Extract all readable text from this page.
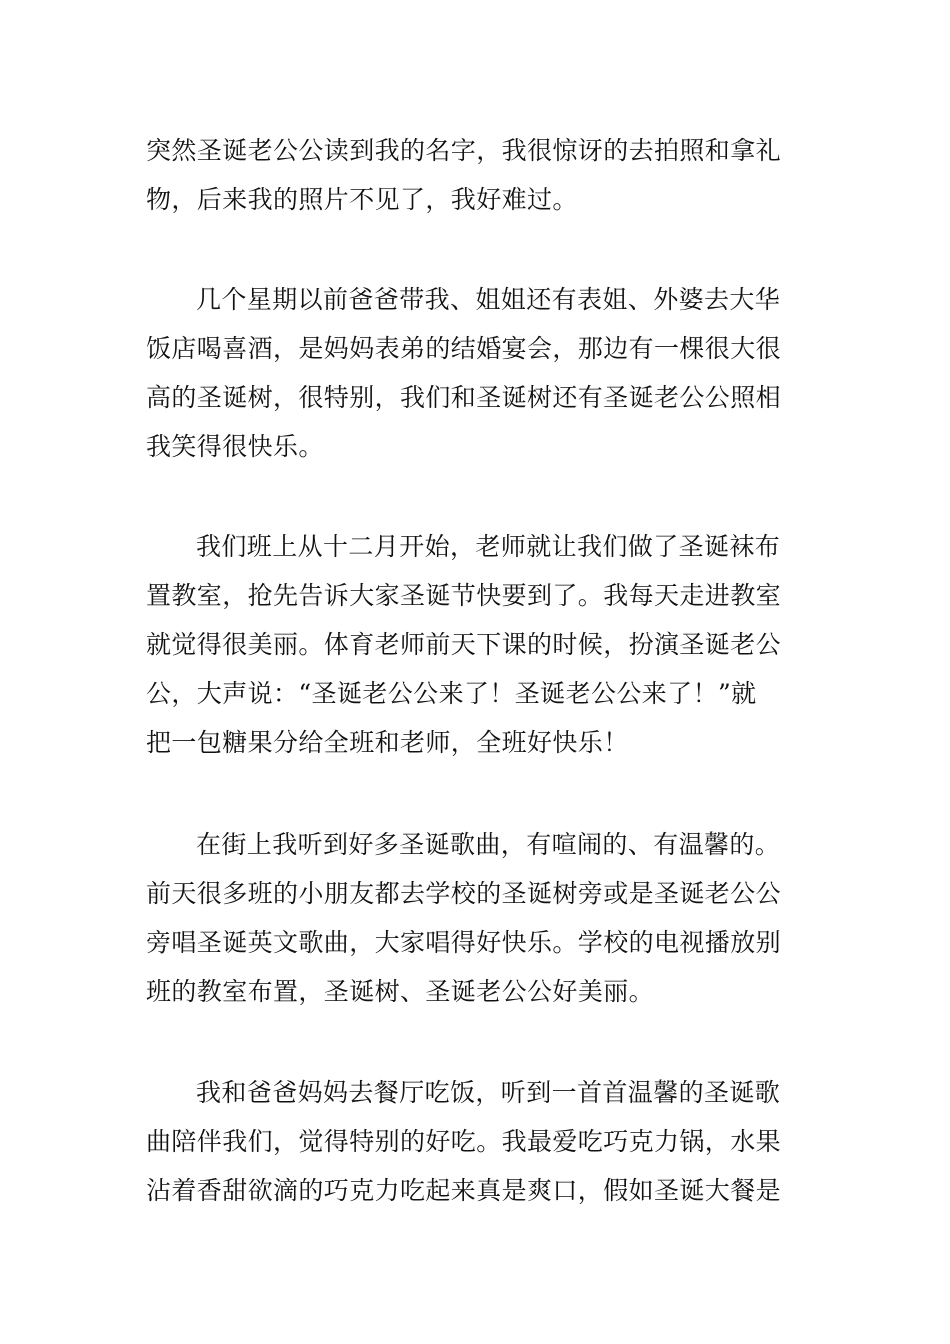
突然圣诞老公公读到我的名字，我很惊讶的去拍照和拿礼
物，后来我的照片不见了，我好难过。
几个星期以前爸爸带我、姐姐还有表姐、外婆去大华
饭店喝喜酒，是妈妈表弟的结婚宴会，那边有一棵很大很
高的圣诞树，很特别，我们和圣诞树还有圣诞老公公照相
我笑得很快乐。
我们班上从十二月开始，老师就让我们做了圣诞袜布
置教室，抢先告诉大家圣诞节快要到了。我每天走进教室
就觉得很美丽。体育老师前天下课的时候，扮演圣诞老公
公，大声说：“圣诞老公公来了！圣诞老公公来了！”就
把一包糖果分给全班和老师，全班好快乐！
在街上我听到好多圣诞歌曲，有喧闹的、有温馨的。
前天很多班的小朋友都去学校的圣诞树旁或是圣诞老公公
旁唱圣诞英文歌曲，大家唱得好快乐。学校的电视播放别
班的教室布置，圣诞树、圣诞老公公好美丽。
我和爸爸妈妈去餐厅吃饭，听到一首首温馨的圣诞歌
曲陪伴我们，觉得特别的好吃。我最爱吃巧克力锅，水果
沾着香甜欲滴的巧克力吃起来真是爽口，假如圣诞大餐是
